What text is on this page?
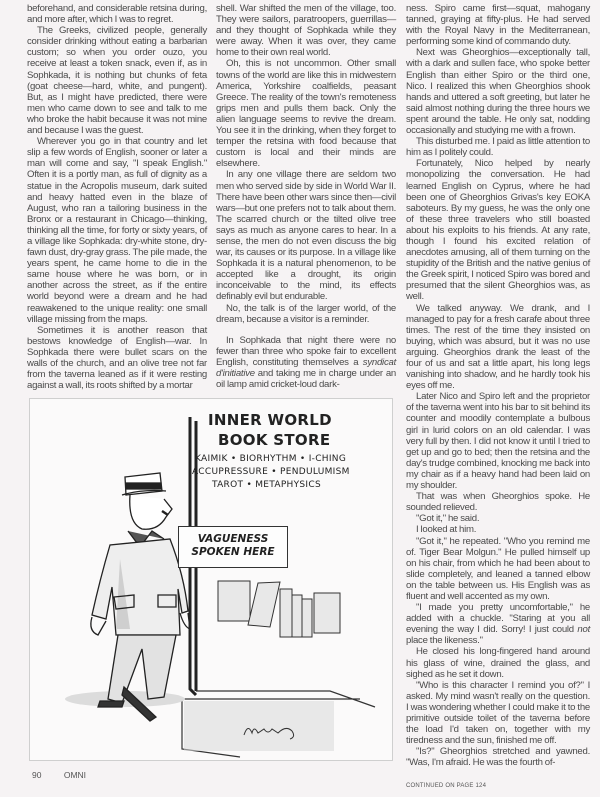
beforehand, and considerable retsina during, and more after, which I was to regret.

The Greeks, civilized people, generally consider drinking without eating a barbarian custom; so when you order ouzo, you receive at least a token snack, even if, as in Sophkada, it is nothing but chunks of feta (goat cheese—hard, white, and pungent). But, as I might have predicted, there were men who came down to see and talk to me who broke the habit because it was not mine and because I was the guest.

Wherever you go in that country and let slip a few words of English, sooner or later a man will come and say, "I speak English." Often it is a portly man, as full of dignity as a statue in the Acropolis museum, dark suited and heavy hatted even in the blaze of August, who ran a tailoring business in the Bronx or a restaurant in Chicago—thinking, thinking all the time, for forty or sixty years, of a village like Sophkada: dry-white stone, dry-fawn dust, dry-gray grass. The pile made, the years spent, he came home to die in the same house where he was born, or in another across the street, as if the entire world beyond were a dream and he had reawakened to the unique reality: one small village missing from the maps.

Sometimes it is another reason that bestows knowledge of English—war. In Sophkada there were bullet scars on the walls of the church, and an olive tree not far from the taverna leaned as if it were resting against a wall, its roots shifted by a mortar

shell. War shifted the men of the village, too. They were sailors, paratroopers, guerrillas—and they thought of Sophkada while they were away. When it was over, they came home to their own real world.

Oh, this is not uncommon. Other small towns of the world are like this in midwestern America, Yorkshire coalfields, peasant Greece. The reality of the town's remoteness grips men and pulls them back. Only the alien language seems to revive the dream. You see it in the drinking, when they forget to temper the retsina with food because that custom is local and their minds are elsewhere.

In any one village there are seldom two men who served side by side in World War II. There have been other wars since then—civil wars—but one prefers not to talk about them. The scarred church or the tilted olive tree says as much as anyone cares to hear. In a sense, the men do not even discuss the big war, its causes or its purpose. In a village like Sophkada it is a natural phenomenon, to be accepted like a drought, its origin inconceivable to the mind, its effects definably evil but endurable.

No, the talk is of the larger world, of the dream, because a visitor is a reminder.

In Sophkada that night there were no fewer than three who spoke fair to excellent English, constituting themselves a syndicat d'initiative and taking me in charge under an oil lamp amid cricket-loud dark-

ness. Spiro came first—squat, mahogany tanned, graying at fifty-plus. He had served with the Royal Navy in the Mediterranean, performing some kind of commando duty.

Next was Gheorghios—exceptionally tall, with a dark and sullen face, who spoke better English than either Spiro or the third one, Nico. I realized this when Gheorghios shook hands and uttered a soft greeting, but later he said almost nothing during the three hours we spent around the table. He only sat, nodding occasionally and studying me with a frown.

This disturbed me. I paid as little attention to him as I politely could.

Fortunately, Nico helped by nearly monopolizing the conversation. He had learned English on Cyprus, where he had been one of Gheorghios Grivas's key EOKA saboteurs. By my guess, he was the only one of these three travelers who still boasted about his exploits to his friends. At any rate, though I found his excited relation of anecdotes amusing, all of them turning on the stupidity of the British and the native genius of the Greek spirit, I noticed Spiro was bored and presumed that the silent Gheorghios was, as well.

We talked anyway. We drank, and I managed to pay for a fresh carafe about three times. The rest of the time they insisted on buying, which was absurd, but it was no use arguing. Gheorghios drank the least of the four of us and sat a little apart, his long legs vanishing into shadow, and he hardly took his eyes off me.

Later Nico and Spiro left and the proprietor of the taverna went into his bar to sit behind its counter and moodily contemplate a bulbous girl in lurid colors on an old calendar. I was very full by then. I did not know it until I tried to get up and go to bed; then the retsina and the day's trudge combined, knocking me back into my chair as if a heavy hand had been laid on my shoulder.

That was when Gheorghios spoke. He sounded relieved.

"Got it," he said.

I looked at him.

"Got it," he repeated. "Who you remind me of. Tiger Bear Molgun." He pulled himself up on his chair, from which he had been about to slide completely, and leaned a tanned elbow on the table between us. His English was as fluent and well accented as my own.

"I made you pretty uncomfortable," he added with a chuckle. "Staring at you all evening the way I did. Sorry! I just could not place the likeness."

He closed his long-fingered hand around his glass of wine, drained the glass, and sighed as he set it down.

"Who is this character I remind you of?" I asked. My mind wasn't really on the question. I was wondering whether I could make it to the primitive outside toilet of the taverna before the load I'd taken on, together with my tiredness and the sun, finished me off.

"Is?" Gheorghios stretched and yawned. "Was, I'm afraid. He was the fourth of-

CONTINUED ON PAGE 124
INNER WORLD
BOOK STORE
KAIMIK • BIORHYTHM • I-CHING
ACCUPRESSURE • PENDULUMISM
TAROT • METAPHYSICS
VAGUENESS
SPOKEN HERE
90	OMNI
